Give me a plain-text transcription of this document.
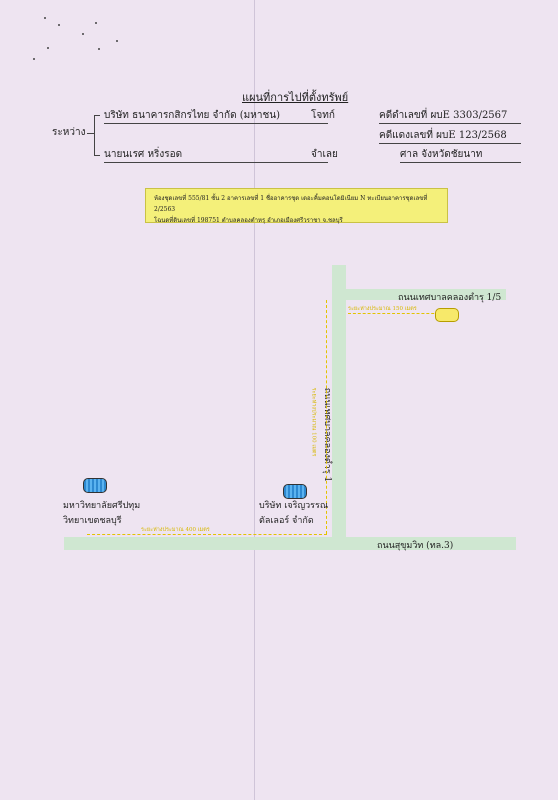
แผนที่การไปที่ตั้งทรัพย์
ระหว่าง
บริษัท ธนาคารกสิกรไทย จำกัด (มหาชน)	โจทก์
นายนเรศ หริ่งรอด	จำเลย
คดีดำเลขที่ ผบE 3303/2567
คดีแดงเลขที่ ผบE 123/2568
ศาล จังหวัดชัยนาท
ห้องชุดเลขที่ 555/81 ชั้น 2 อาคารเลขที่ 1 ชื่ออาคารชุด เดอะคิ้มคอนโดมิเนียม N ทะเบียนอาคารชุดเลขที่ 2/2563
โฉนดที่ดินเลขที่ 198751 ตำบลคลองตำหรุ อำเภอเมืองศรีวราชา จ.ชลบุรี
ถนนเทศบาลคลองตำรุ 1/5
ถนนเทศบาลคลองตำรุ 1
ถนนสุขุมวิท (ทล.3)
ระยะห่างประมาณ 150 เมตร
ระยะห่างประมาณ 100 เมตร
ระยะห่างประมาณ 400 เมตร
มหาวิทยาลัยศรีปทุม
วิทยาเขตชลบุรี
บริษัท เจริญวรรณ
ตัลเลอร์ จำกัด
